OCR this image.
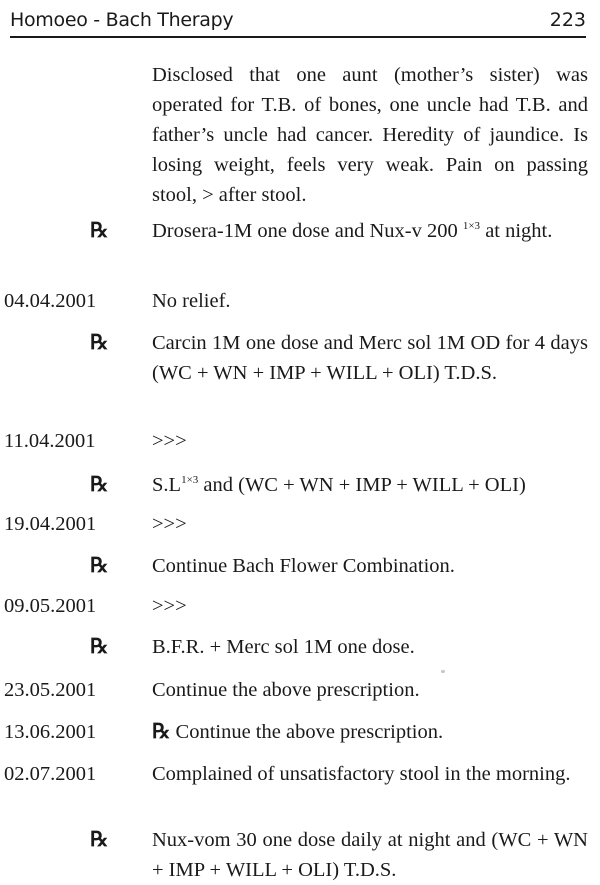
Homoeo - Bach Therapy	223
Disclosed that one aunt (mother’s sister) was operated for T.B. of bones, one uncle had T.B. and father’s uncle had cancer. Heredity of jaundice. Is losing weight, feels very weak. Pain on passing stool, > after stool.
℞	Drosera-1M one dose and Nux-v 200 $^{1\times 3}$ at night.
04.04.2001	No relief.
℞	Carcin 1M one dose and Merc sol 1M OD for 4 days (WC + WN + IMP + WILL + OLI) T.D.S.
11.04.2001	>>>
℞	$S.L^{1\times 3}$ and (WC + WN + IMP + WILL + OLI)
19.04.2001	>>>
℞	Continue Bach Flower Combination.
09.05.2001	>>>
℞	B.F.R. + Merc sol 1M one dose.
23.05.2001	Continue the above prescription.
13.06.2001	℞ Continue the above prescription.
02.07.2001	Complained of unsatisfactory stool in the morning.
℞	Nux-vom 30 one dose daily at night and (WC + WN + IMP + WILL + OLI) T.D.S.
